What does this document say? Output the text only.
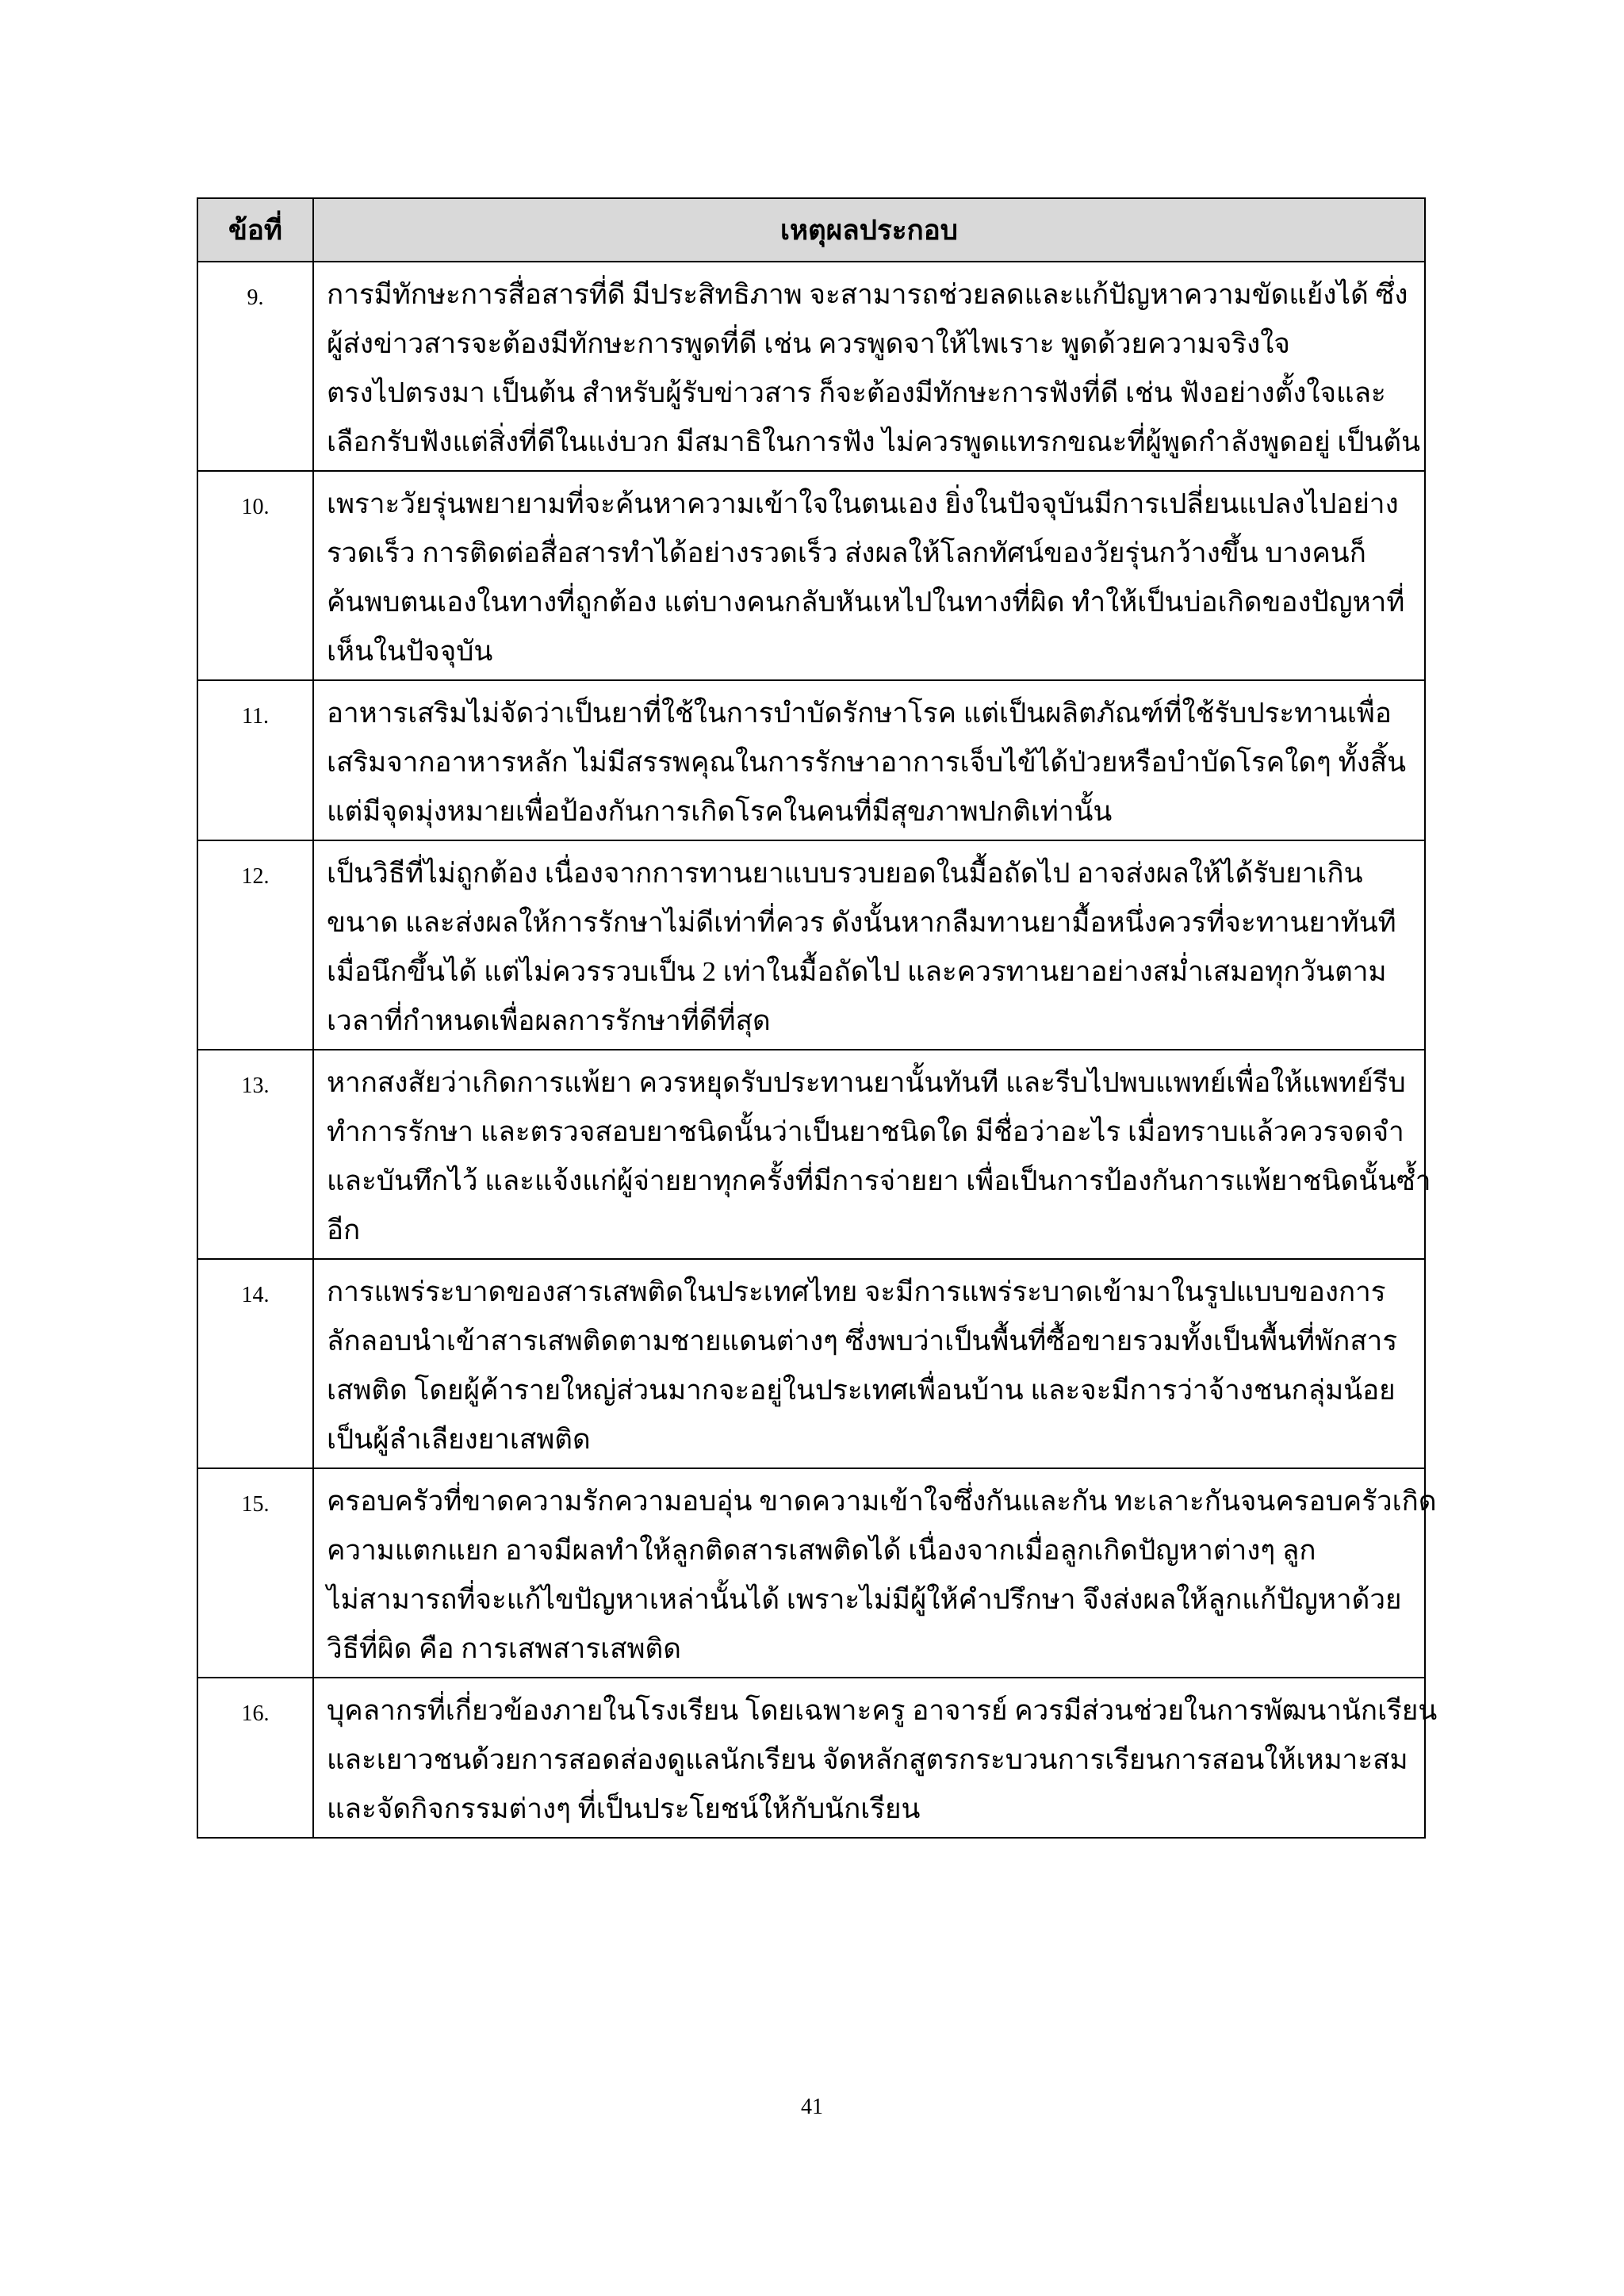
ข้อที่	เหตุผลประกอบ
9.	การมีทักษะการสื่อสารที่ดี มีประสิทธิภาพ จะสามารถช่วยลดและแก้ปัญหาความขัดแย้งได้ ซึ่ง
ผู้ส่งข่าวสารจะต้องมีทักษะการพูดที่ดี เช่น ควรพูดจาให้ไพเราะ พูดด้วยความจริงใจ
ตรงไปตรงมา เป็นต้น สำหรับผู้รับข่าวสาร ก็จะต้องมีทักษะการฟังที่ดี เช่น ฟังอย่างตั้งใจและ
เลือกรับฟังแต่สิ่งที่ดีในแง่บวก มีสมาธิในการฟัง ไม่ควรพูดแทรกขณะที่ผู้พูดกำลังพูดอยู่ เป็นต้น

10.	เพราะวัยรุ่นพยายามที่จะค้นหาความเข้าใจในตนเอง ยิ่งในปัจจุบันมีการเปลี่ยนแปลงไปอย่าง
รวดเร็ว การติดต่อสื่อสารทำได้อย่างรวดเร็ว ส่งผลให้โลกทัศน์ของวัยรุ่นกว้างขึ้น บางคนก็
ค้นพบตนเองในทางที่ถูกต้อง แต่บางคนกลับหันเหไปในทางที่ผิด ทำให้เป็นบ่อเกิดของปัญหาที่
เห็นในปัจจุบัน

11.	อาหารเสริมไม่จัดว่าเป็นยาที่ใช้ในการบำบัดรักษาโรค แต่เป็นผลิตภัณฑ์ที่ใช้รับประทานเพื่อ
เสริมจากอาหารหลัก ไม่มีสรรพคุณในการรักษาอาการเจ็บไข้ได้ป่วยหรือบำบัดโรคใดๆ ทั้งสิ้น
แต่มีจุดมุ่งหมายเพื่อป้องกันการเกิดโรคในคนที่มีสุขภาพปกติเท่านั้น

12.	เป็นวิธีที่ไม่ถูกต้อง เนื่องจากการทานยาแบบรวบยอดในมื้อถัดไป อาจส่งผลให้ได้รับยาเกิน
ขนาด และส่งผลให้การรักษาไม่ดีเท่าที่ควร ดังนั้นหากลืมทานยามื้อหนึ่งควรที่จะทานยาทันที
เมื่อนึกขึ้นได้ แต่ไม่ควรรวบเป็น 2 เท่าในมื้อถัดไป และควรทานยาอย่างสม่ำเสมอทุกวันตาม
เวลาที่กำหนดเพื่อผลการรักษาที่ดีที่สุด

13.	หากสงสัยว่าเกิดการแพ้ยา ควรหยุดรับประทานยานั้นทันที และรีบไปพบแพทย์เพื่อให้แพทย์รีบ
ทำการรักษา และตรวจสอบยาชนิดนั้นว่าเป็นยาชนิดใด มีชื่อว่าอะไร เมื่อทราบแล้วควรจดจำ
และบันทึกไว้ และแจ้งแก่ผู้จ่ายยาทุกครั้งที่มีการจ่ายยา เพื่อเป็นการป้องกันการแพ้ยาชนิดนั้นซ้ำ
อีก

14.	การแพร่ระบาดของสารเสพติดในประเทศไทย จะมีการแพร่ระบาดเข้ามาในรูปแบบของการ
ลักลอบนำเข้าสารเสพติดตามชายแดนต่างๆ ซึ่งพบว่าเป็นพื้นที่ซื้อขายรวมทั้งเป็นพื้นที่พักสาร
เสพติด โดยผู้ค้ารายใหญ่ส่วนมากจะอยู่ในประเทศเพื่อนบ้าน และจะมีการว่าจ้างชนกลุ่มน้อย
เป็นผู้ลำเลียงยาเสพติด

15.	ครอบครัวที่ขาดความรักความอบอุ่น ขาดความเข้าใจซึ่งกันและกัน ทะเลาะกันจนครอบครัวเกิด
ความแตกแยก อาจมีผลทำให้ลูกติดสารเสพติดได้ เนื่องจากเมื่อลูกเกิดปัญหาต่างๆ ลูก
ไม่สามารถที่จะแก้ไขปัญหาเหล่านั้นได้ เพราะไม่มีผู้ให้คำปรึกษา จึงส่งผลให้ลูกแก้ปัญหาด้วย
วิธีที่ผิด คือ การเสพสารเสพติด

16.	บุคลากรที่เกี่ยวข้องภายในโรงเรียน โดยเฉพาะครู อาจารย์ ควรมีส่วนช่วยในการพัฒนานักเรียน
และเยาวชนด้วยการสอดส่องดูแลนักเรียน จัดหลักสูตรกระบวนการเรียนการสอนให้เหมาะสม
และจัดกิจกรรมต่างๆ ที่เป็นประโยชน์ให้กับนักเรียน
41
